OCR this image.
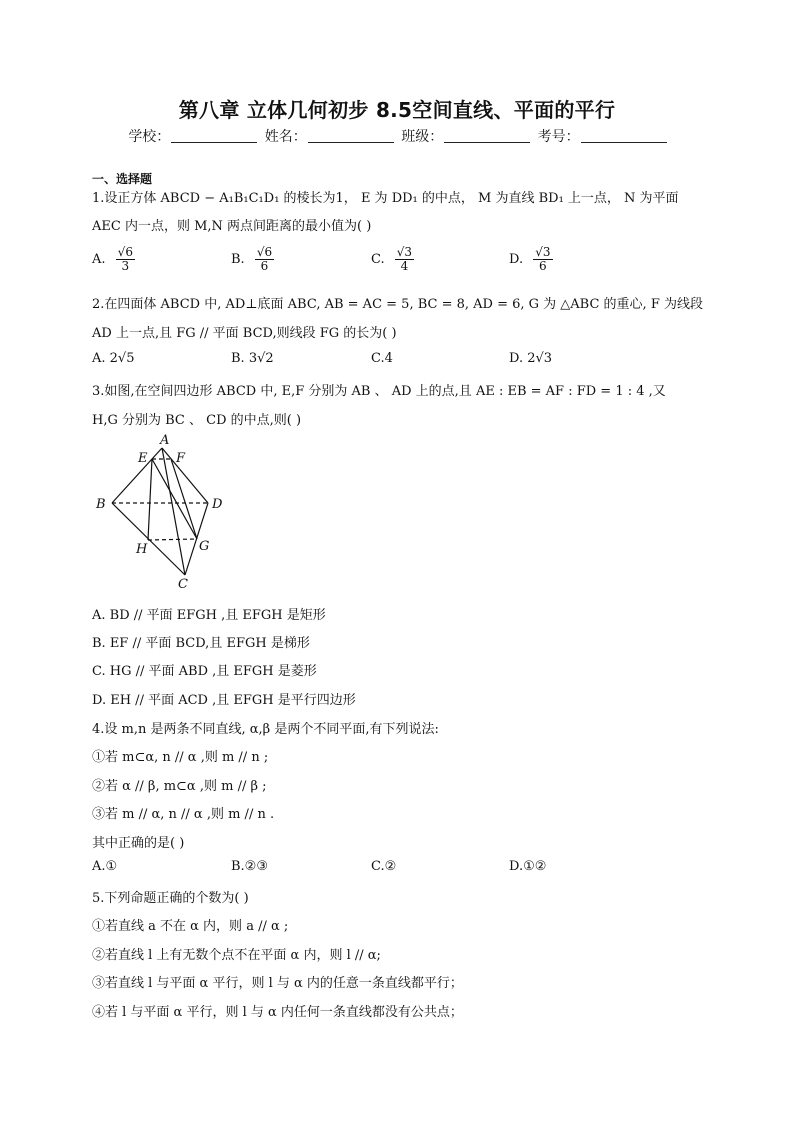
第八章 立体几何初步 8.5空间直线、平面的平行
学校：	姓名：	班级：	考号：
一、选择题
1.设正方体 ABCD − A₁B₁C₁D₁ 的棱长为1， E 为 DD₁ 的中点， M 为直线 BD₁ 上一点， N 为平面
AEC 内一点，则 M,N 两点间距离的最小值为( )
A. $\frac{√6}{3}$	B. $\frac{√6}{6}$	C. $\frac{√3}{4}$	D. $\frac{√3}{6}$
2.在四面体 ABCD 中, AD⊥底面 ABC, AB = AC = 5, BC = 8, AD = 6, G 为 △ABC 的重心, F 为线段
AD 上一点,且 FG // 平面 BCD,则线段 FG 的长为( )
A. 2√5	B. 3√2	C.4	D. 2√3
3.如图,在空间四边形 ABCD 中, E,F 分别为 AB 、 AD 上的点,且 AE : EB = AF : FD = 1 : 4 ,又
H,G 分别为 BC 、 CD 的中点,则( )
A
E F
B	D
H	G
C
A. BD // 平面 EFGH ,且 EFGH 是矩形
B. EF // 平面 BCD,且 EFGH 是梯形
C. HG // 平面 ABD ,且 EFGH 是菱形
D. EH // 平面 ACD ,且 EFGH 是平行四边形
4.设 m,n 是两条不同直线, α,β 是两个不同平面,有下列说法:
①若 m⊂α, n // α ,则 m // n ;
②若 α // β, m⊂α ,则 m // β ;
③若 m // α, n // α ,则 m // n .
其中正确的是( )
A.①	B.②③	C.②	D.①②
5.下列命题正确的个数为( )
①若直线 a 不在 α 内，则 a // α ;
②若直线 l 上有无数个点不在平面 α 内，则 l // α;
③若直线 l 与平面 α 平行，则 l 与 α 内的任意一条直线都平行；
④若 l 与平面 α 平行，则 l 与 α 内任何一条直线都没有公共点；
